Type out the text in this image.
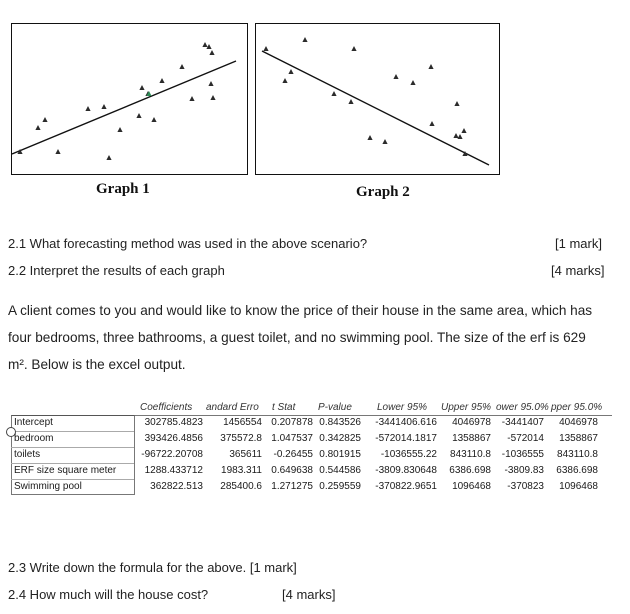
Graph 1	Graph 2
2.1 What forecasting method was used in the above scenario?	[1 mark]
2.2 Interpret the results of each graph	[4 marks]
A client comes to you and would like to know the price of their house in the same area, which has
four bedrooms, three bathrooms, a guest toilet, and no swimming pool. The size of the erf is 629
m². Below is the excel output.
Coefficients andard Erro t Stat P-value	Lower 95% Upper 95% ower 95.0% pper 95.0%
Intercept	302785.4823 1456554 0.207878 0.843526 -3441406.616 4046978 -3441407 4046978
bedroom	393426.4856 375572.8 1.047537 0.342825 -572014.1817 1358867 -572014 1358867
toilets	-96722.20708	365611 -0.26455 0.801915 -1036555.22 843110.8 -1036555 843110.8
ERF size square meter	1288.433712 1983.311 0.649638 0.544586 -3809.830648 6386.698 -3809.83 6386.698
Swimming pool	362822.513 285400.6 1.271275 0.259559 -370822.9651 1096468 -370823 1096468
2.3 Write down the formula for the above. [1 mark]
2.4 How much will the house cost?	[4 marks]
